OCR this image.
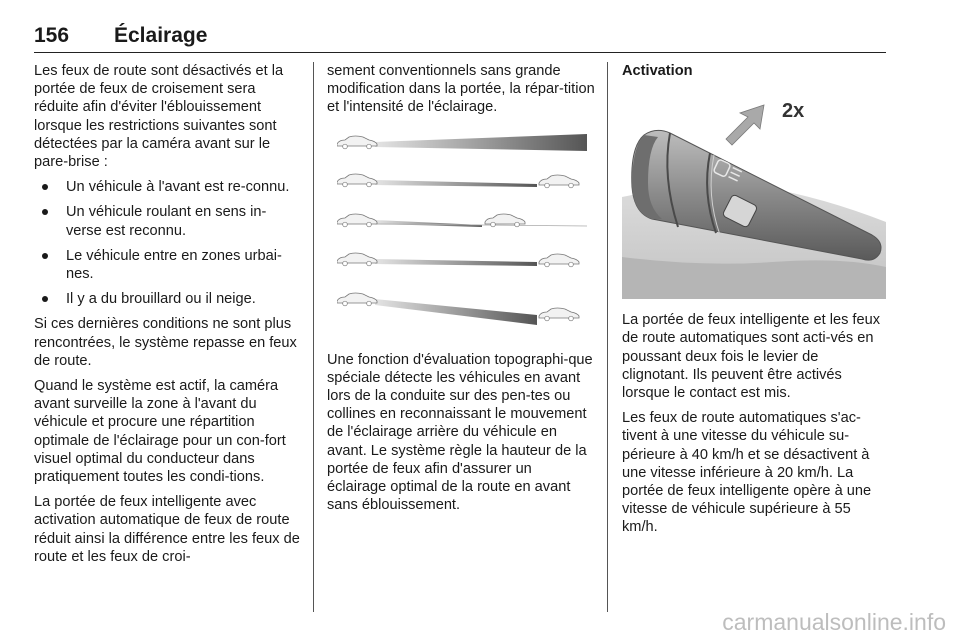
156 Éclairage

Les feux de route sont désactivés et la portée de feux de croisement sera réduite afin d'éviter l'éblouissement lorsque les restrictions suivantes sont détectées par la caméra avant sur le pare-brise :

Un véhicule à l'avant est re-connu.
Un véhicule roulant en sens in-verse est reconnu.
Le véhicule entre en zones urbai-nes.
Il y a du brouillard ou il neige.

Si ces dernières conditions ne sont plus rencontrées, le système repasse en feux de route.

Quand le système est actif, la caméra avant surveille la zone à l'avant du véhicule et procure une répartition optimale de l'éclairage pour un con-fort visuel optimal du conducteur dans pratiquement toutes les condi-tions.

La portée de feux intelligente avec activation automatique de feux de route réduit ainsi la différence entre les feux de route et les feux de croi-

sement conventionnels sans grande modification dans la portée, la répar-tition et l'intensité de l'éclairage.

Une fonction d'évaluation topographi-que spéciale détecte les véhicules en avant lors de la conduite sur des pen-tes ou collines en reconnaissant le mouvement de l'éclairage arrière du véhicule en avant. Le système règle la hauteur de la portée de feux afin d'assurer un éclairage optimal de la route en avant sans éblouissement.

Activation

2x

La portée de feux intelligente et les feux de route automatiques sont acti-vés en poussant deux fois le levier de clignotant. Ils peuvent être activés lorsque le contact est mis.

Les feux de route automatiques s'ac-tivent à une vitesse du véhicule su-périeure à 40 km/h et se désactivent à une vitesse inférieure à 20 km/h. La portée de feux intelligente opère à une vitesse de véhicule supérieure à 55 km/h.

carmanualsonline.info
